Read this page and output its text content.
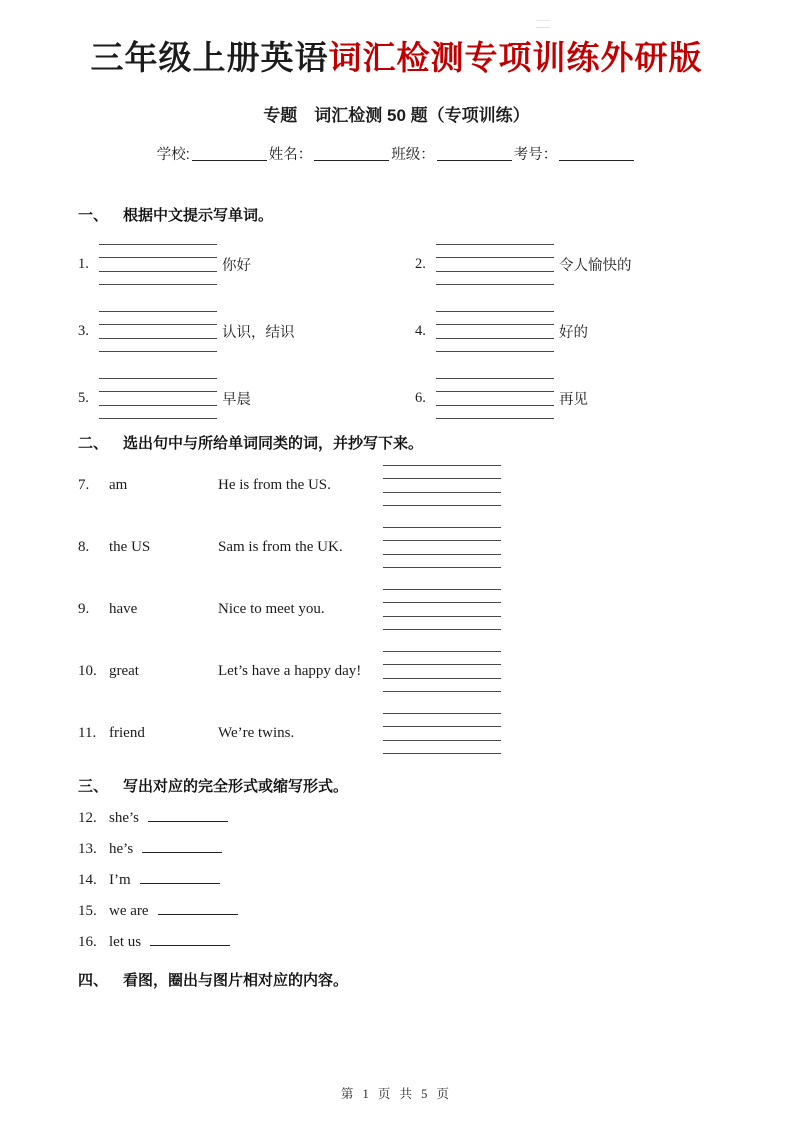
三年级上册英语词汇检测专项训练外研版
专题　词汇检测 50 题（专项训练）
学校:	姓名：	班级：	考号：
一、 根据中文提示写单词。
1.	你好	2.	令人愉快的
3.	认识，结识	4.	好的
5.	早晨	6.	再见
二、 选出句中与所给单词同类的词，并抄写下来。
7.	am	He is from the US.
8.	the US	Sam is from the UK.
9.	have	Nice to meet you.
10. great	Let’s have a happy day!
11. friend	We’re twins.
三、 写出对应的完全形式或缩写形式。
12. she’s
13. he’s
14. I’m
15. we are
16. let us
四、 看图，圈出与图片相对应的内容。
第 1 页 共 5 页
